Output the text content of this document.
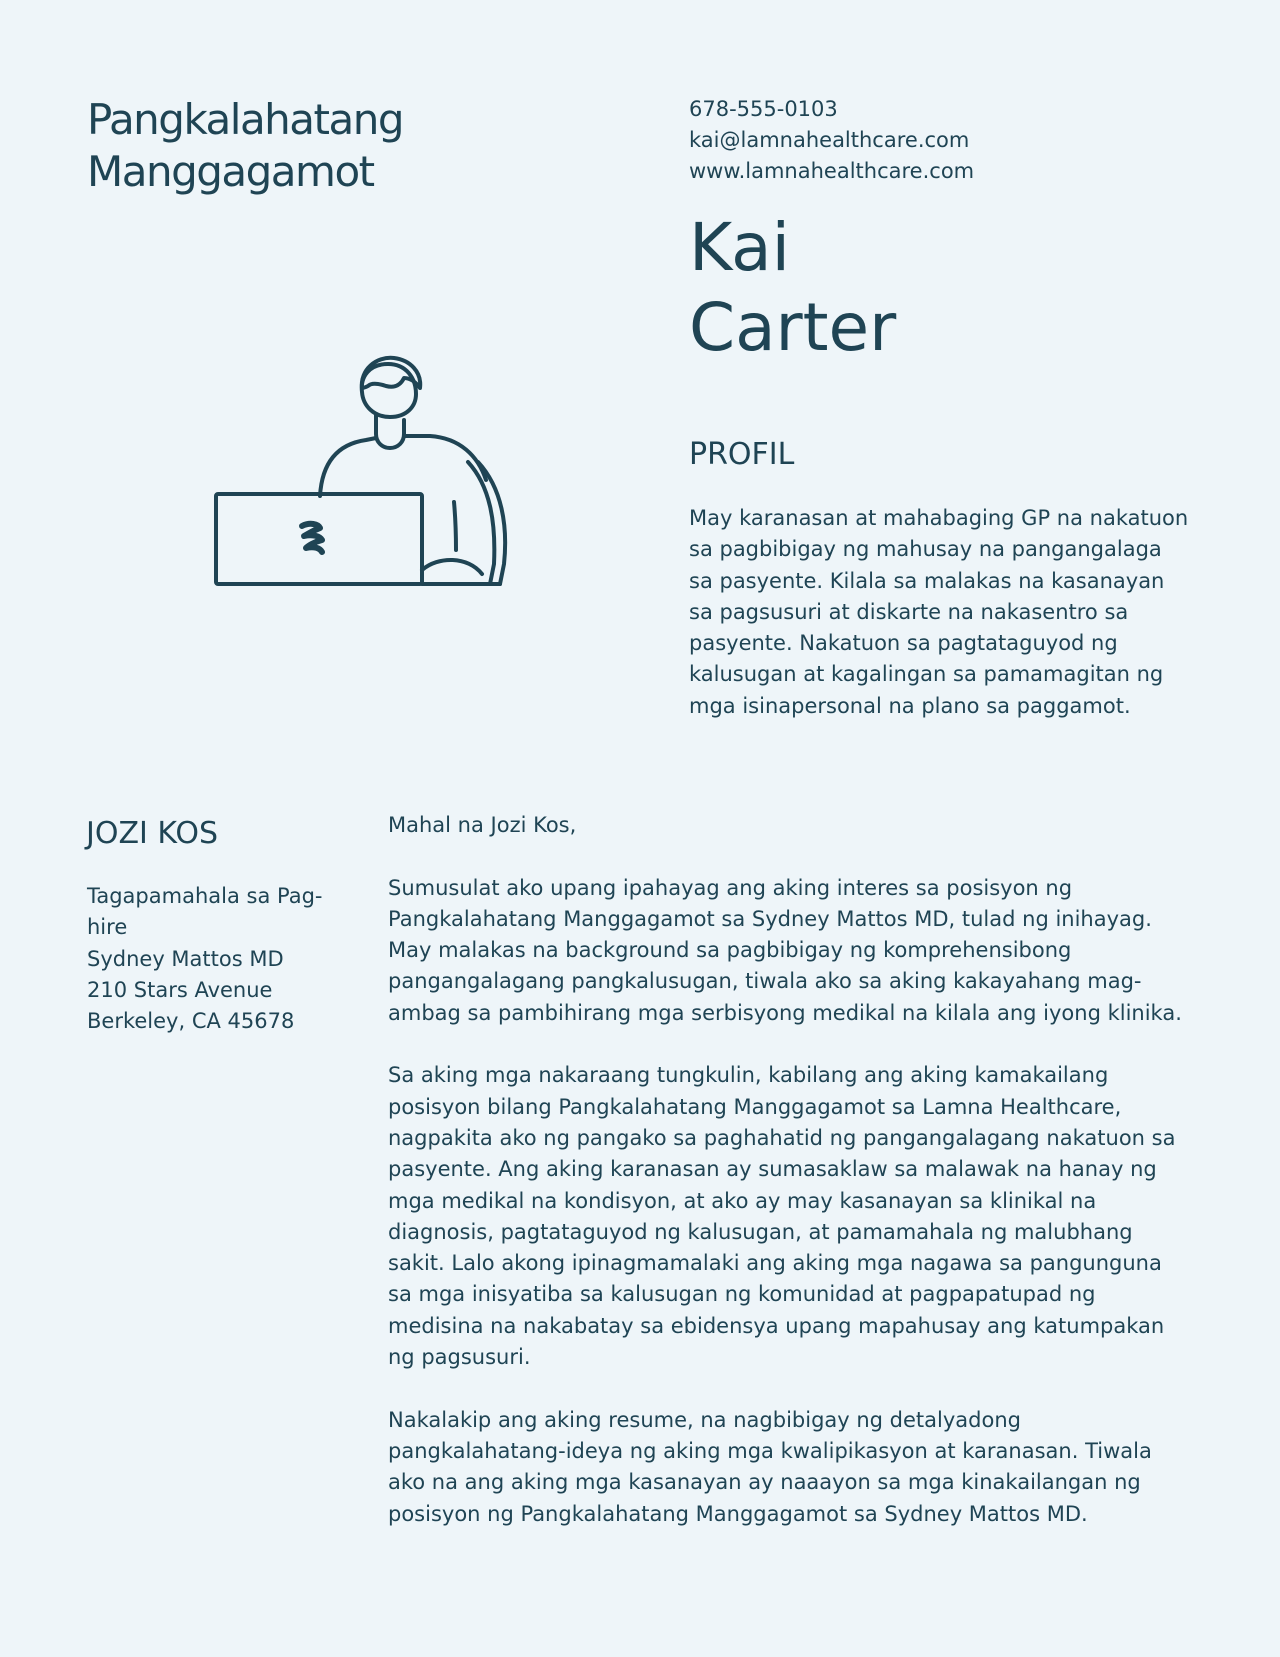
Pangkalahatang Manggagamot
678-555-0103
kai@lamnahealthcare.com
www.lamnahealthcare.com
Kai
Carter
PROFIL

May karanasan at mahabaging GP na nakatuon sa pagbibigay ng mahusay na pangangalaga sa pasyente. Kilala sa malakas na kasanayan sa pagsusuri at diskarte na nakasentro sa pasyente. Nakatuon sa pagtataguyod ng kalusugan at kagalingan sa pamamagitan ng mga isinapersonal na plano sa paggamot.

JOZI KOS
Tagapamahala sa Pag-hire
Sydney Mattos MD
210 Stars Avenue
Berkeley, CA 45678

Mahal na Jozi Kos,

Sumusulat ako upang ipahayag ang aking interes sa posisyon ng Pangkalahatang Manggagamot sa Sydney Mattos MD, tulad ng inihayag. May malakas na background sa pagbibigay ng komprehensibong pangangalagang pangkalusugan, tiwala ako sa aking kakayahang mag-ambag sa pambihirang mga serbisyong medikal na kilala ang iyong klinika.

Sa aking mga nakaraang tungkulin, kabilang ang aking kamakailang posisyon bilang Pangkalahatang Manggagamot sa Lamna Healthcare, nagpakita ako ng pangako sa paghahatid ng pangangalagang nakatuon sa pasyente. Ang aking karanasan ay sumasaklaw sa malawak na hanay ng mga medikal na kondisyon, at ako ay may kasanayan sa klinikal na diagnosis, pagtataguyod ng kalusugan, at pamamahala ng malubhang sakit. Lalo akong ipinagmamalaki ang aking mga nagawa sa pangunguna sa mga inisyatiba sa kalusugan ng komunidad at pagpapatupad ng medisina na nakabatay sa ebidensya upang mapahusay ang katumpakan ng pagsusuri.

Nakalakip ang aking resume, na nagbibigay ng detalyadong pangkalahatang-ideya ng aking mga kwalipikasyon at karanasan. Tiwala ako na ang aking mga kasanayan ay naaayon sa mga kinakailangan ng posisyon ng Pangkalahatang Manggagamot sa Sydney Mattos MD.
